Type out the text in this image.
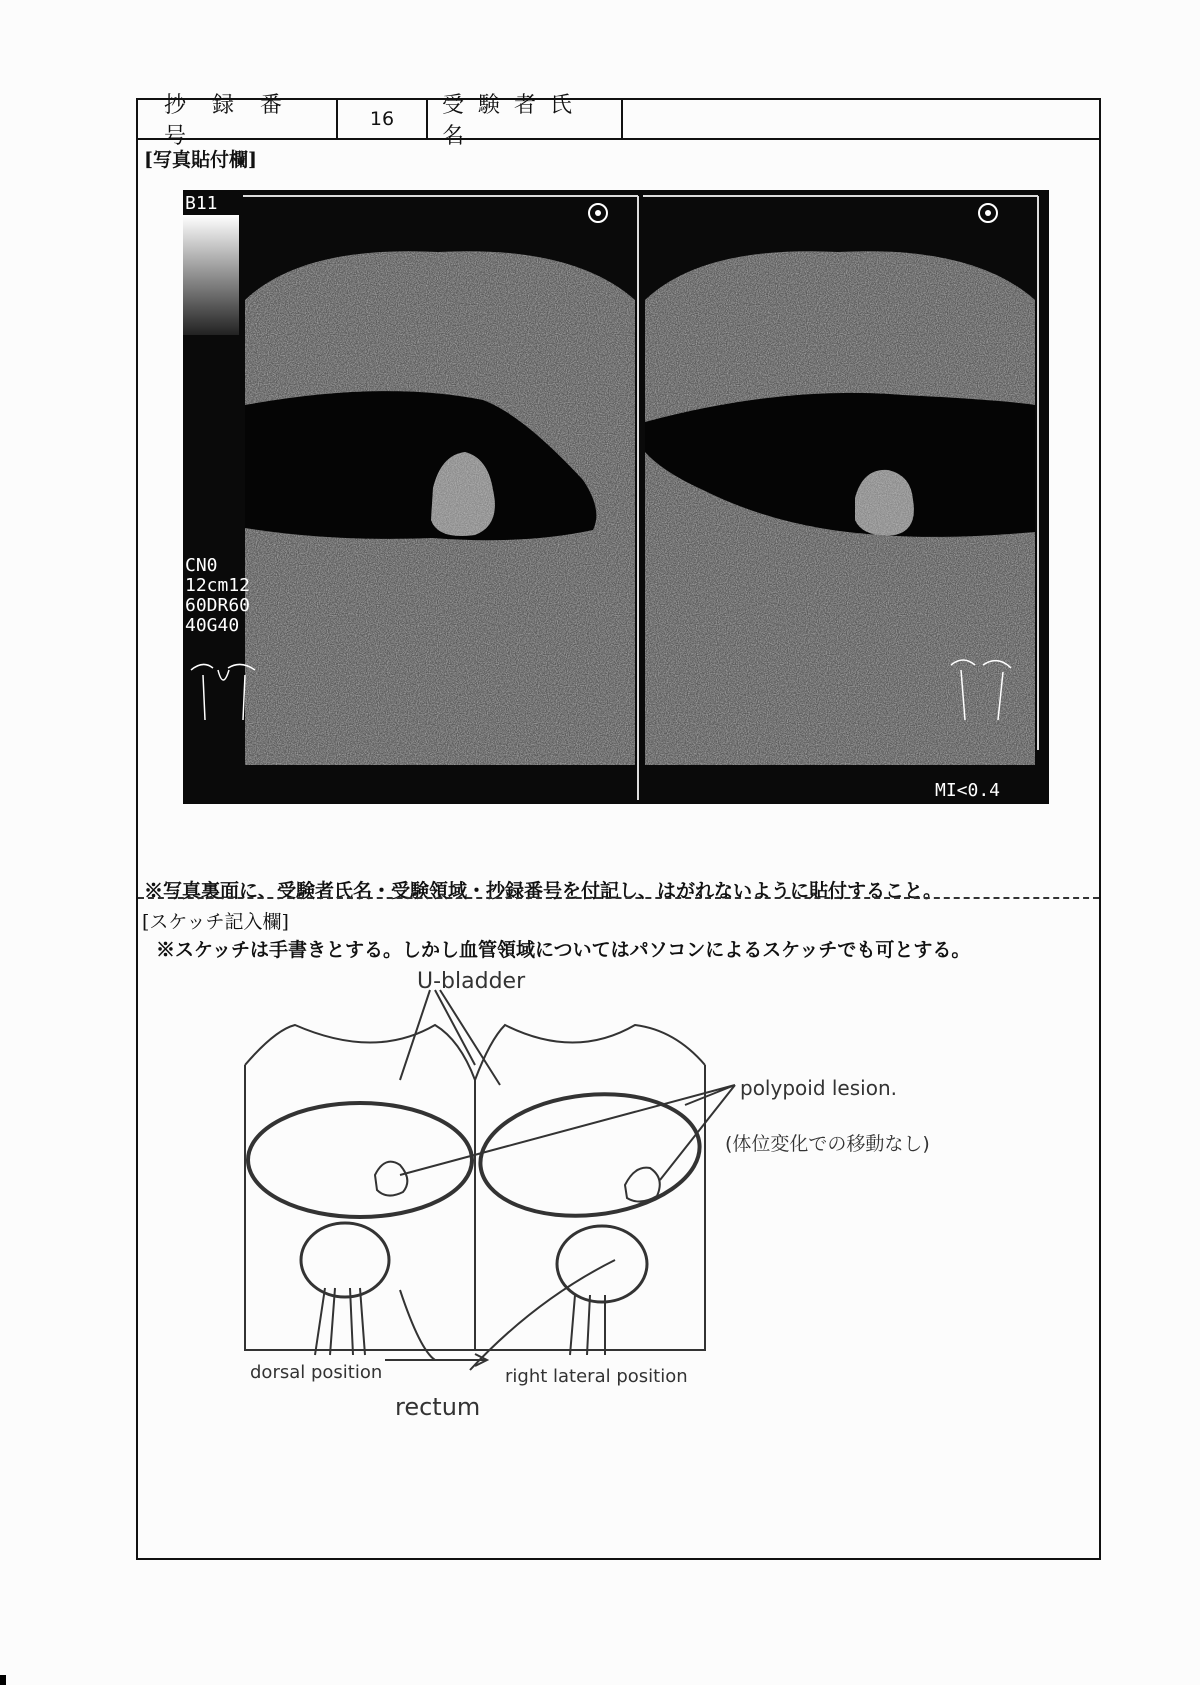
抄録番号
16
受験者氏名
[写真貼付欄]
B11
CN0
12cm12
60DR60
40G40
MI<0.4
※写真裏面に、受験者氏名・受験領域・抄録番号を付記し、はがれないように貼付すること。
[スケッチ記入欄]
※スケッチは手書きとする。しかし血管領域についてはパソコンによるスケッチでも可とする。
U-bladder
polypoid lesion.
(体位変化での移動なし)
dorsal position	right lateral position
rectum
